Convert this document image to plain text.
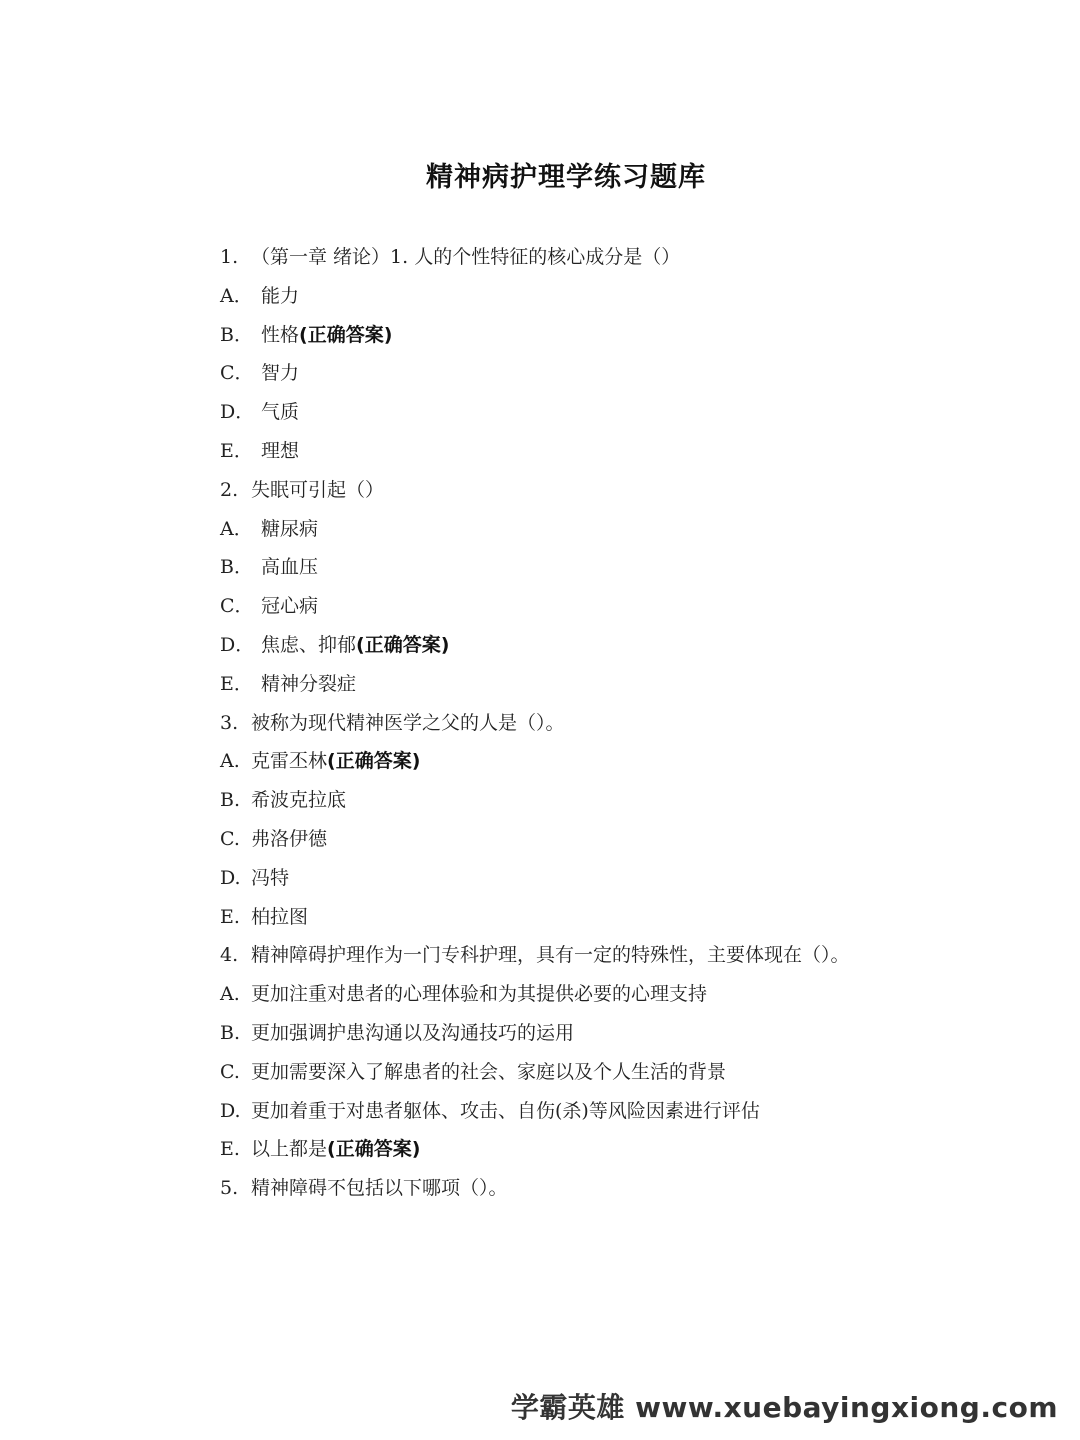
精神病护理学练习题库
1. （第一章 绪论）1. 人的个性特征的核心成分是（）
A． 能力
B． 性格(正确答案)
C． 智力
D． 气质
E． 理想
2. 失眠可引起（）
A． 糖尿病
B． 高血压
C． 冠心病
D． 焦虑、抑郁(正确答案)
E． 精神分裂症
3. 被称为现代精神医学之父的人是（）。
A. 克雷丕林(正确答案)
B. 希波克拉底
C. 弗洛伊德
D. 冯特
E. 柏拉图
4. 精神障碍护理作为一门专科护理，具有一定的特殊性，主要体现在（）。
A. 更加注重对患者的心理体验和为其提供必要的心理支持
B. 更加强调护患沟通以及沟通技巧的运用
C. 更加需要深入了解患者的社会、家庭以及个人生活的背景
D. 更加着重于对患者躯体、攻击、自伤(杀)等风险因素进行评估
E. 以上都是(正确答案)
5. 精神障碍不包括以下哪项（）。
学霸英雄 www.xuebayingxiong.com
